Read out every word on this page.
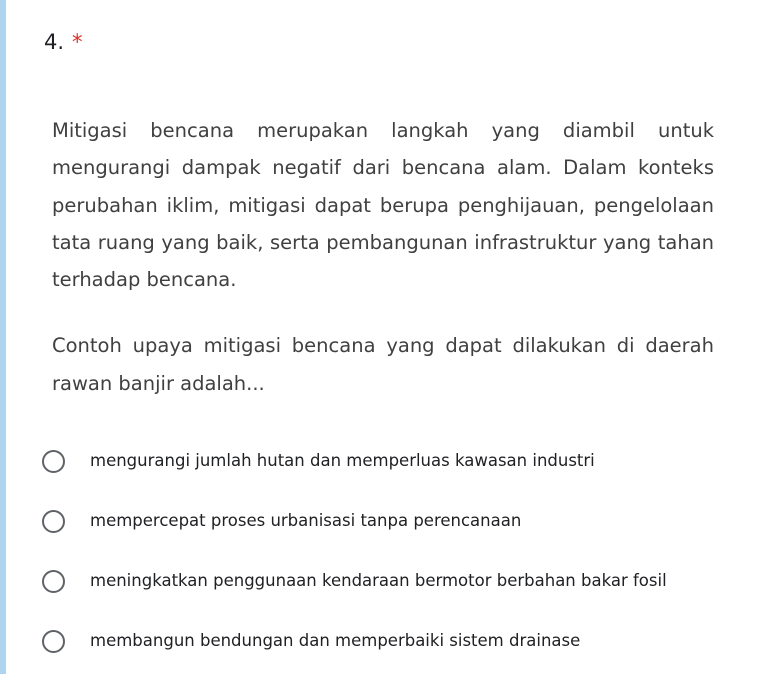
4. *

Mitigasi bencana merupakan langkah yang diambil untuk mengurangi dampak negatif dari bencana alam. Dalam konteks perubahan iklim, mitigasi dapat berupa penghijauan, pengelolaan tata ruang yang baik, serta pembangunan infrastruktur yang tahan terhadap bencana.

Contoh upaya mitigasi bencana yang dapat dilakukan di daerah rawan banjir adalah...

mengurangi jumlah hutan dan memperluas kawasan industri
mempercepat proses urbanisasi tanpa perencanaan
meningkatkan penggunaan kendaraan bermotor berbahan bakar fosil
membangun bendungan dan memperbaiki sistem drainase
